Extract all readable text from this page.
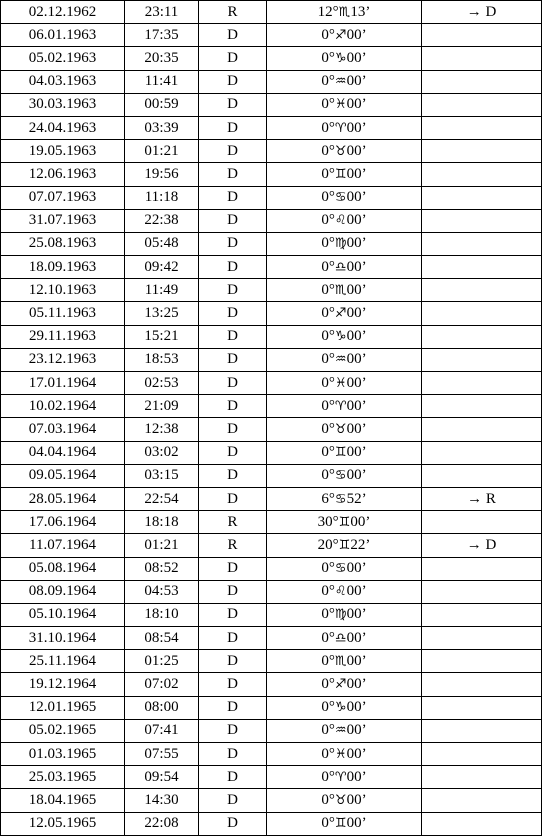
02.12.1962	23:11	R	12°♏13’	→ D
06.01.1963	17:35	D	0°♐00’	
05.02.1963	20:35	D	0°♑00’	
04.03.1963	11:41	D	0°♒00’	
30.03.1963	00:59	D	0°♓00’	
24.04.1963	03:39	D	0°♈00’	
19.05.1963	01:21	D	0°♉00’	
12.06.1963	19:56	D	0°♊00’	
07.07.1963	11:18	D	0°♋00’	
31.07.1963	22:38	D	0°♌00’	
25.08.1963	05:48	D	0°♍00’	
18.09.1963	09:42	D	0°♎00’	
12.10.1963	11:49	D	0°♏00’	
05.11.1963	13:25	D	0°♐00’	
29.11.1963	15:21	D	0°♑00’	
23.12.1963	18:53	D	0°♒00’	
17.01.1964	02:53	D	0°♓00’	
10.02.1964	21:09	D	0°♈00’	
07.03.1964	12:38	D	0°♉00’	
04.04.1964	03:02	D	0°♊00’	
09.05.1964	03:15	D	0°♋00’	
28.05.1964	22:54	D	6°♋52’	→ R
17.06.1964	18:18	R	30°♊00’	
11.07.1964	01:21	R	20°♊22’	→ D
05.08.1964	08:52	D	0°♋00’	
08.09.1964	04:53	D	0°♌00’	
05.10.1964	18:10	D	0°♍00’	
31.10.1964	08:54	D	0°♎00’	
25.11.1964	01:25	D	0°♏00’	
19.12.1964	07:02	D	0°♐00’	
12.01.1965	08:00	D	0°♑00’	
05.02.1965	07:41	D	0°♒00’	
01.03.1965	07:55	D	0°♓00’	
25.03.1965	09:54	D	0°♈00’	
18.04.1965	14:30	D	0°♉00’	
12.05.1965	22:08	D	0°♊00’	
